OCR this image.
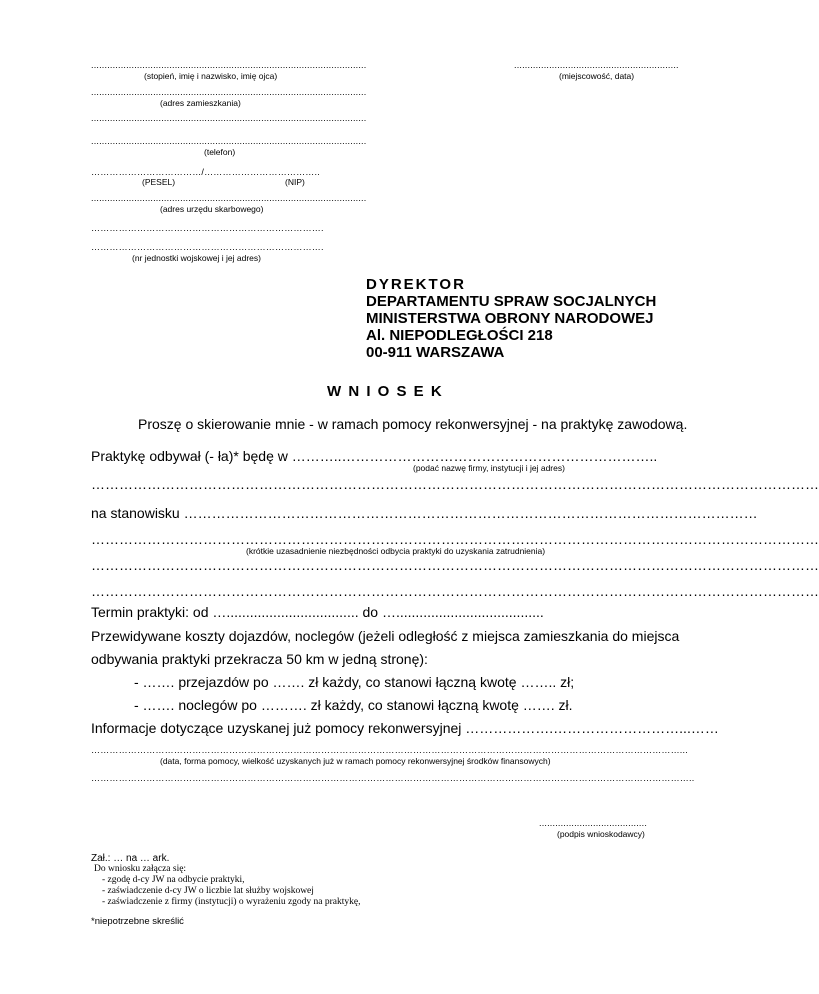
......................................................................................................
(stopień, imię i nazwisko, imię ojca)
......................................................................................................
(adres zamieszkania)
......................................................................................................
......................................................................................................
(telefon)
………………………………/………………………………..
(PESEL)	(NIP)
......................................................................................................
(adres urzędu skarbowego)
………………………………………………………………….
………………………………………………………………….
(nr jednostki wojskowej i jej adres)
.............................................................
(miejscowość, data)
DYREKTOR
DEPARTAMENTU SPRAW SOCJALNYCH
MINISTERSTWA OBRONY NARODOWEJ
Al. NIEPODLEGŁOŚCI 218
00-911 WARSZAWA
W N I O S E K
Proszę o skierowanie mnie - w ramach pomocy rekonwersyjnej - na praktykę zawodową.
Praktykę odbywał (- ła)* będę w ………..…………………………………………………………..
(podać nazwę firmy, instytucji i jej adres)
…………………………………………………………………………………………………………………………………………
na stanowisku ……………………………………………………………………………………………………………
…………………………………………………………………………………………………………………………………………
(krótkie uzasadnienie niezbędności odbycia praktyki do uzyskania zatrudnienia)
…………………………………………………………………………………………………………………………………………
…………………………………………………………………………………………………………………………………………
Termin praktyki: od ….................................. do …......................................
Przewidywane koszty dojazdów, noclegów (jeżeli odległość z miejsca zamieszkania do miejsca
odbywania praktyki przekracza 50 km w jedną stronę):
- ……. przejazdów po ……. zł każdy, co stanowi łączną kwotę …….. zł;
- ……. noclegów po ………. zł każdy, co stanowi łączną kwotę ……. zł.
Informacje dotyczące uzyskanej już pomocy rekonwersyjnej ……………….………………………...……
…………………………………………………………………………………………………………………………………………………………………………...
(data, forma pomocy, wielkość uzyskanych już w ramach pomocy rekonwersyjnej środków finansowych)
……………………………………………………………………………………………………………………………………………………………………………..
........................................
(podpis wnioskodawcy)
Zał.: … na … ark.
Do wniosku załącza się:
- zgodę d-cy JW na odbycie praktyki,
- zaświadczenie d-cy JW o liczbie lat służby wojskowej
- zaświadczenie z firmy (instytucji) o wyrażeniu zgody na praktykę,
*niepotrzebne skreślić
